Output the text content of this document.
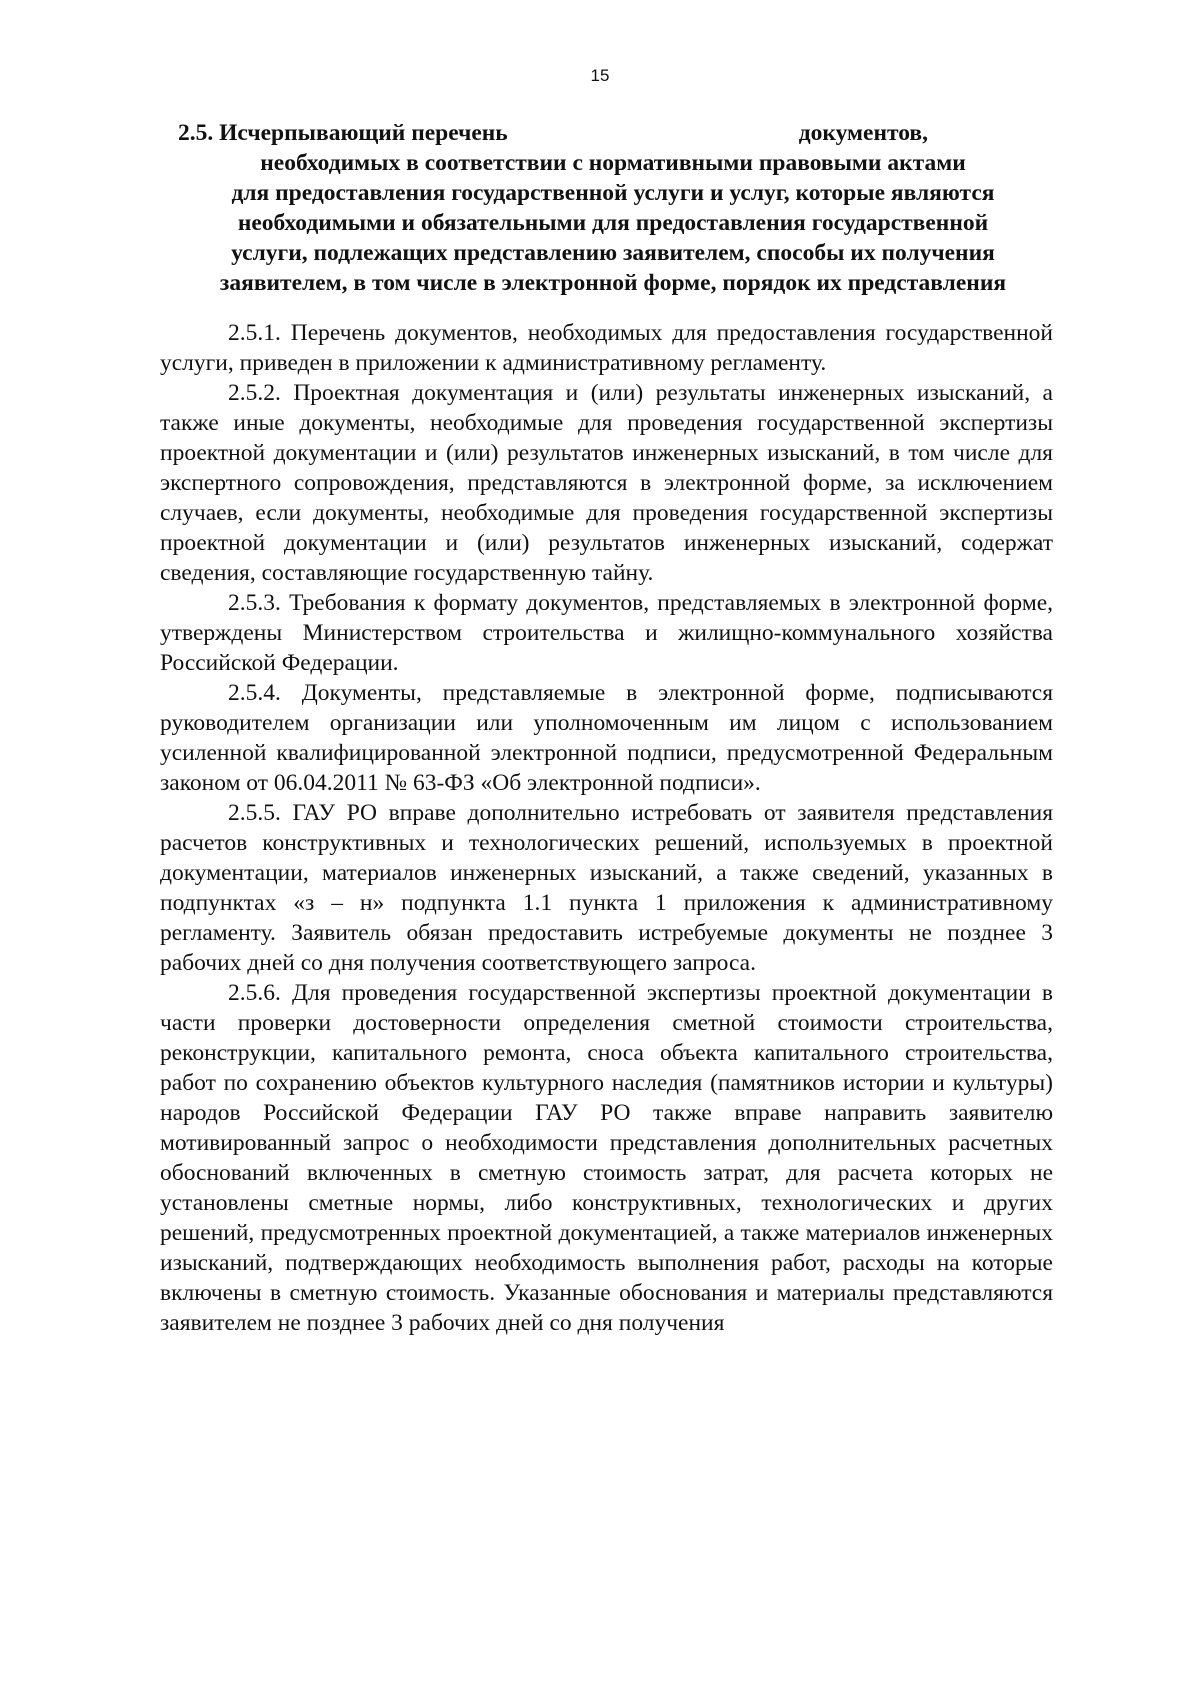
15
2.5. Исчерпывающий перечень	документов,
необходимых в соответствии с нормативными правовыми актами
для предоставления государственной услуги и услуг, которые являются
необходимыми и обязательными для предоставления государственной
услуги, подлежащих представлению заявителем, способы их получения
заявителем, в том числе в электронной форме, порядок их представления

2.5.1. Перечень документов, необходимых для предоставления государственной услуги, приведен в приложении к административному регламенту.

2.5.2. Проектная документация и (или) результаты инженерных изысканий, а также иные документы, необходимые для проведения государственной экспертизы проектной документации и (или) результатов инженерных изысканий, в том числе для экспертного сопровождения, представляются в электронной форме, за исключением случаев, если документы, необходимые для проведения государственной экспертизы проектной документации и (или) результатов инженерных изысканий, содержат сведения, составляющие государственную тайну.

2.5.3. Требования к формату документов, представляемых в электронной форме, утверждены Министерством строительства и жилищно-коммунального хозяйства Российской Федерации.

2.5.4. Документы, представляемые в электронной форме, подписываются руководителем организации или уполномоченным им лицом с использованием усиленной квалифицированной электронной подписи, предусмотренной Федеральным законом от 06.04.2011 № 63-ФЗ «Об электронной подписи».

2.5.5. ГАУ РО вправе дополнительно истребовать от заявителя представления расчетов конструктивных и технологических решений, используемых в проектной документации, материалов инженерных изысканий, а также сведений, указанных в подпунктах «з – н» подпункта 1.1 пункта 1 приложения к административному регламенту. Заявитель обязан предоставить истребуемые документы не позднее 3 рабочих дней со дня получения соответствующего запроса.

2.5.6. Для проведения государственной экспертизы проектной документации в части проверки достоверности определения сметной стоимости строительства, реконструкции, капитального ремонта, сноса объекта капитального строительства, работ по сохранению объектов культурного наследия (памятников истории и культуры) народов Российской Федерации ГАУ РО также вправе направить заявителю мотивированный запрос о необходимости представления дополнительных расчетных обоснований включенных в сметную стоимость затрат, для расчета которых не установлены сметные нормы, либо конструктивных, технологических и других решений, предусмотренных проектной документацией, а также материалов инженерных изысканий, подтверждающих необходимость выполнения работ, расходы на которые включены в сметную стоимость. Указанные обоснования и материалы представляются заявителем не позднее 3 рабочих дней со дня получения
